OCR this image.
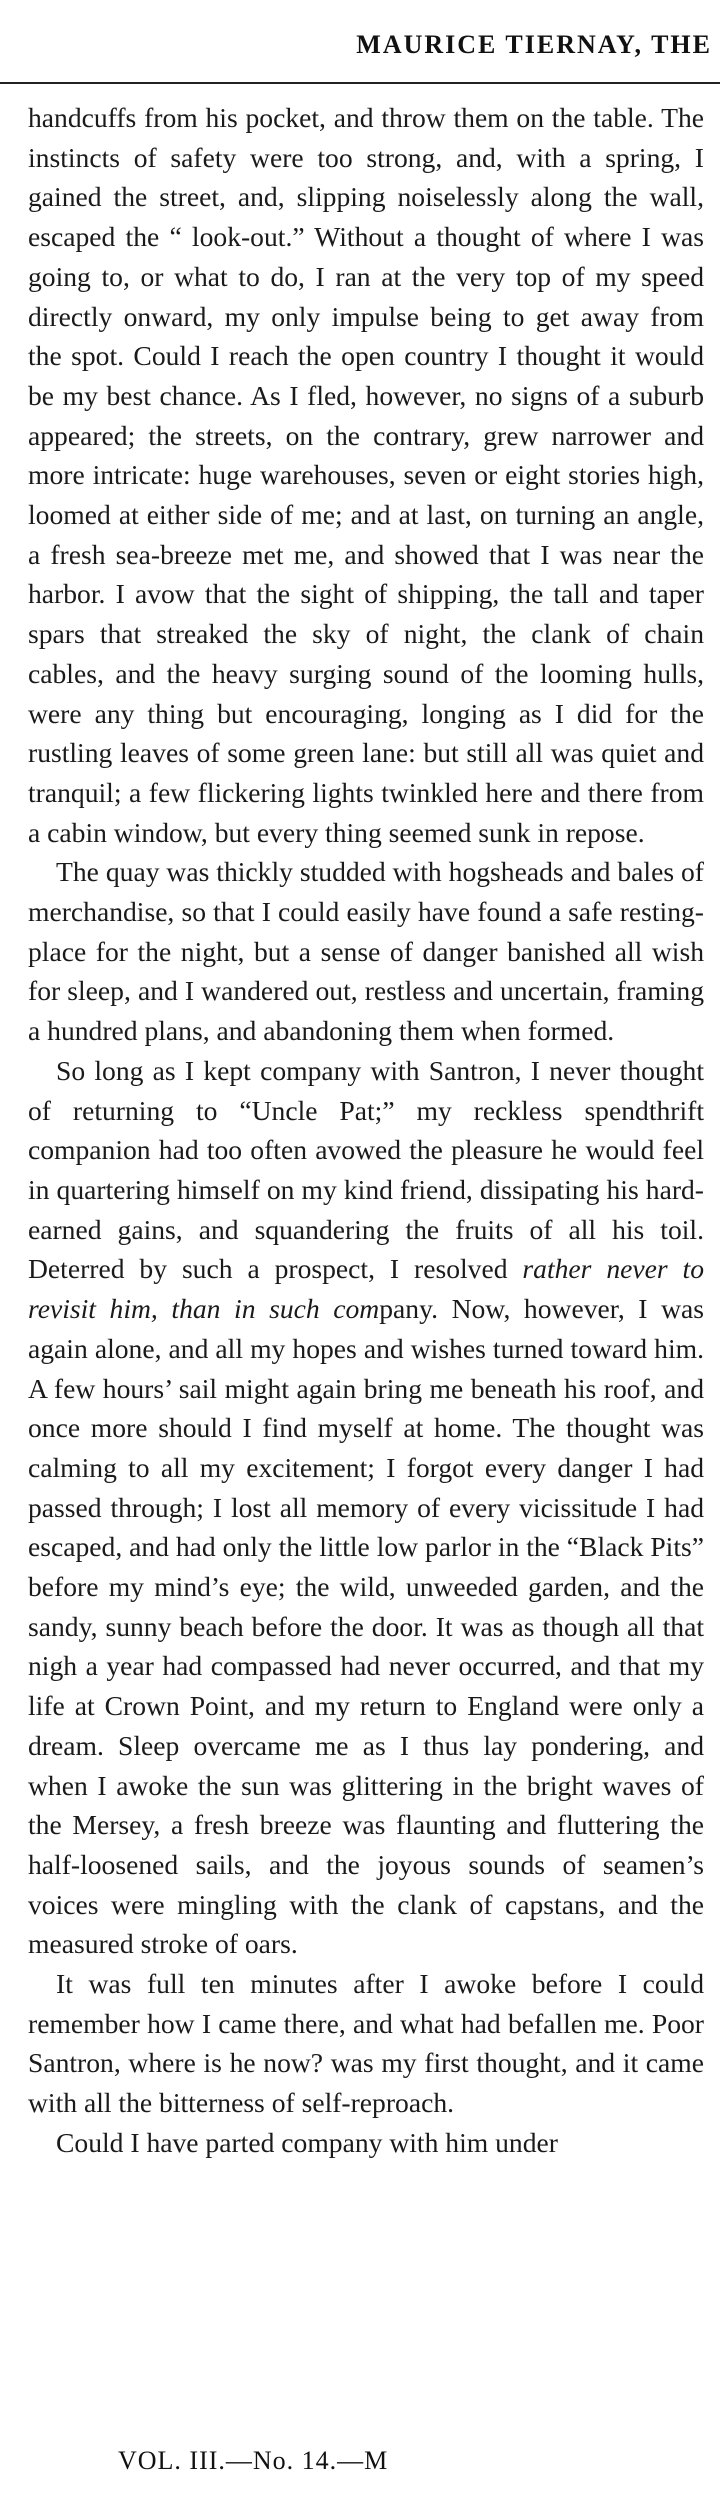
MAURICE TIERNAY, THE

handcuffs from his pocket, and throw them on the table. The instincts of safety were too strong, and, with a spring, I gained the street, and, slipping noiselessly along the wall, escaped the “ look-out.” Without a thought of where I was going to, or what to do, I ran at the very top of my speed directly onward, my only impulse being to get away from the spot. Could I reach the open country I thought it would be my best chance. As I fled, however, no signs of a suburb appeared; the streets, on the contrary, grew narrower and more intricate: huge warehouses, seven or eight stories high, loomed at either side of me; and at last, on turning an angle, a fresh sea-breeze met me, and showed that I was near the harbor. I avow that the sight of shipping, the tall and taper spars that streaked the sky of night, the clank of chain cables, and the heavy surging sound of the looming hulls, were any thing but encouraging, longing as I did for the rustling leaves of some green lane: but still all was quiet and tranquil; a few flickering lights twinkled here and there from a cabin window, but every thing seemed sunk in repose.

The quay was thickly studded with hogsheads and bales of merchandise, so that I could easily have found a safe resting-place for the night, but a sense of danger banished all wish for sleep, and I wandered out, restless and uncertain, framing a hundred plans, and abandoning them when formed.

So long as I kept company with Santron, I never thought of returning to “Uncle Pat;” my reckless spendthrift companion had too often avowed the pleasure he would feel in quartering himself on my kind friend, dissipating his hard-earned gains, and squandering the fruits of all his toil. Deterred by such a prospect, I resolved rather never to revisit him, than in such company. Now, however, I was again alone, and all my hopes and wishes turned toward him. A few hours’ sail might again bring me beneath his roof, and once more should I find myself at home. The thought was calming to all my excitement; I forgot every danger I had passed through; I lost all memory of every vicissitude I had escaped, and had only the little low parlor in the “Black Pits” before my mind’s eye; the wild, unweeded garden, and the sandy, sunny beach before the door. It was as though all that nigh a year had compassed had never occurred, and that my life at Crown Point, and my return to England were only a dream. Sleep overcame me as I thus lay pondering, and when I awoke the sun was glittering in the bright waves of the Mersey, a fresh breeze was flaunting and fluttering the half-loosened sails, and the joyous sounds of seamen’s voices were mingling with the clank of capstans, and the measured stroke of oars.

It was full ten minutes after I awoke before I could remember how I came there, and what had befallen me. Poor Santron, where is he now? was my first thought, and it came with all the bitterness of self-reproach.

Could I have parted company with him under

VOL. III.—No. 14.—M
